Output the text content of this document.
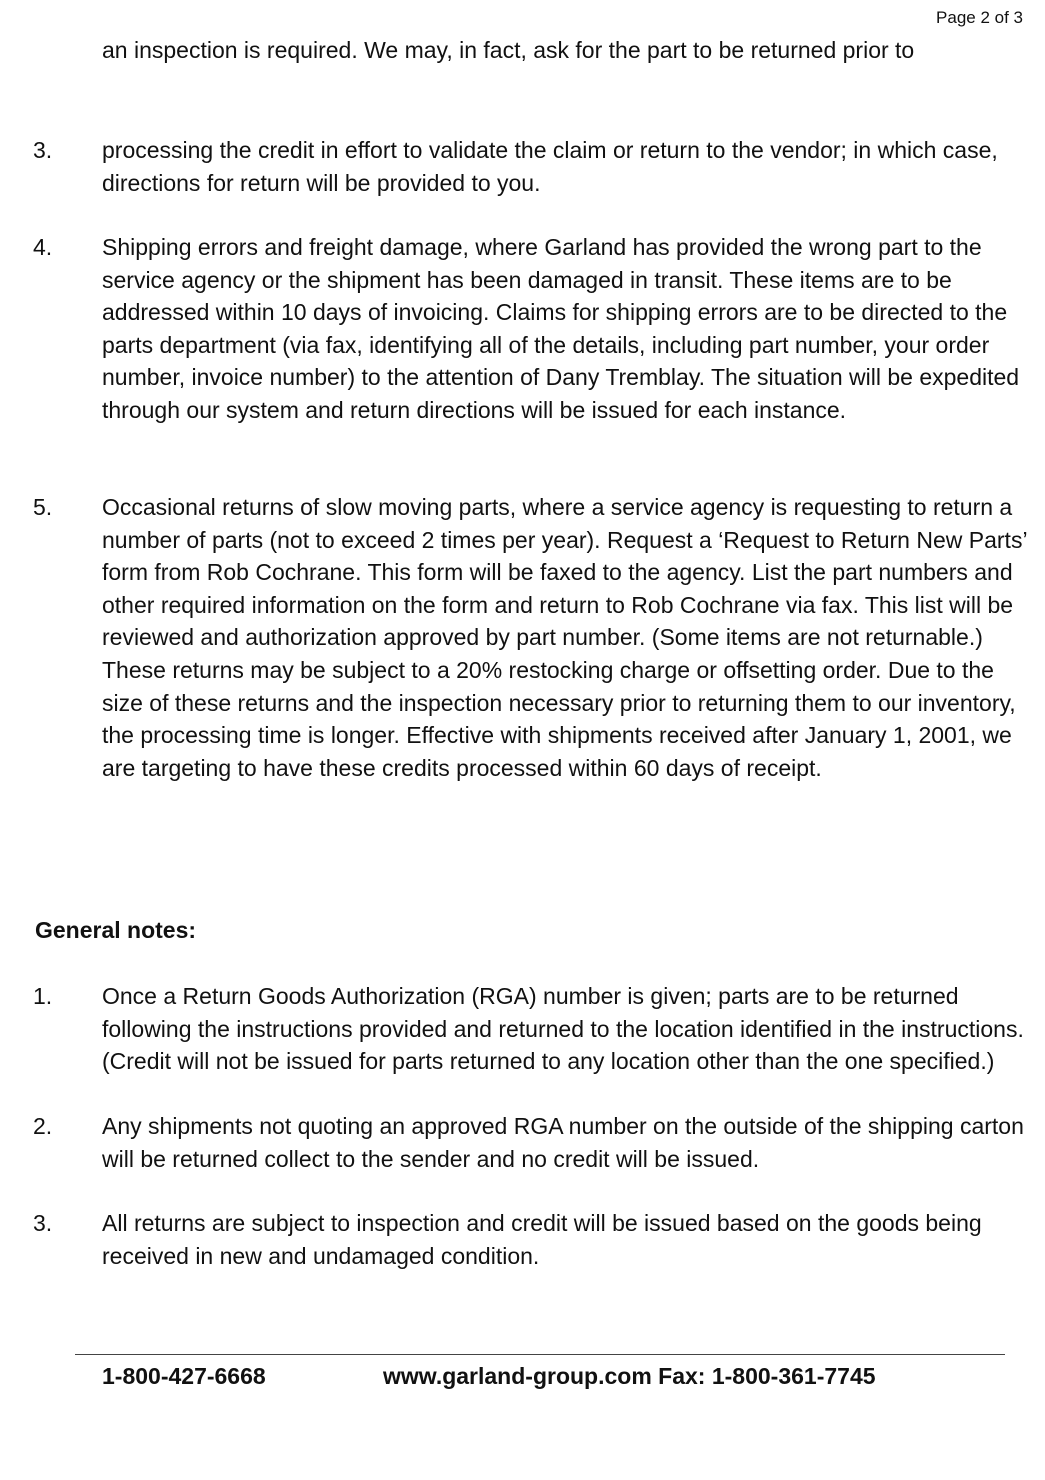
Page 2 of 3
an inspection is required. We may, in fact, ask for the part to be returned prior to
3. processing the credit in effort to validate the claim or return to the vendor; in which case, directions for return will be provided to you.
4. Shipping errors and freight damage, where Garland has provided the wrong part to the service agency or the shipment has been damaged in transit. These items are to be addressed within 10 days of invoicing. Claims for shipping errors are to be directed to the parts department (via fax, identifying all of the details, including part number, your order number, invoice number) to the attention of Dany Tremblay. The situation will be expedited through our system and return directions will be issued for each instance.
5. Occasional returns of slow moving parts, where a service agency is requesting to return a number of parts (not to exceed 2 times per year). Request a ‘Request to Return New Parts’ form from Rob Cochrane. This form will be faxed to the agency. List the part numbers and other required information on the form and return to Rob Cochrane via fax. This list will be reviewed and authorization approved by part number. (Some items are not returnable.) These returns may be subject to a 20% restocking charge or offsetting order. Due to the size of these returns and the inspection necessary prior to returning them to our inventory, the processing time is longer. Effective with shipments received after January 1, 2001, we are targeting to have these credits processed within 60 days of receipt.
General notes:
1. Once a Return Goods Authorization (RGA) number is given; parts are to be returned following the instructions provided and returned to the location identified in the instructions. (Credit will not be issued for parts returned to any location other than the one specified.)
2. Any shipments not quoting an approved RGA number on the outside of the shipping carton will be returned collect to the sender and no credit will be issued.
3. All returns are subject to inspection and credit will be issued based on the goods being received in new and undamaged condition.
1-800-427-6668	www.garland-group.com Fax: 1-800-361-7745
